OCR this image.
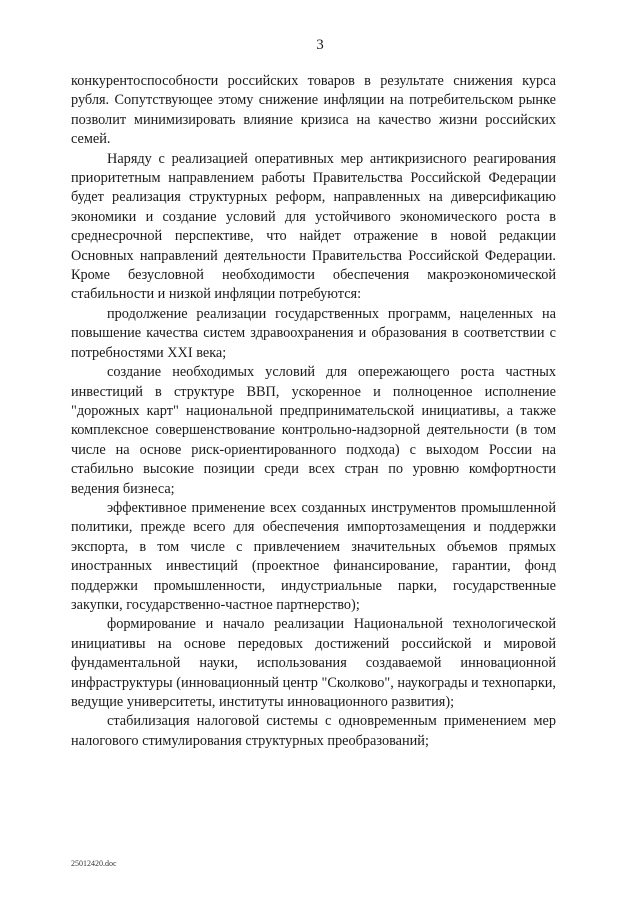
3

конкурентоспособности российских товаров в результате снижения курса рубля. Сопутствующее этому снижение инфляции на потребительском рынке позволит минимизировать влияние кризиса на качество жизни российских семей.

Наряду с реализацией оперативных мер антикризисного реагирования приоритетным направлением работы Правительства Российской Федерации будет реализация структурных реформ, направленных на диверсификацию экономики и создание условий для устойчивого экономического роста в среднесрочной перспективе, что найдет отражение в новой редакции Основных направлений деятельности Правительства Российской Федерации. Кроме безусловной необходимости обеспечения макроэкономической стабильности и низкой инфляции потребуются:

продолжение реализации государственных программ, нацеленных на повышение качества систем здравоохранения и образования в соответствии с потребностями XXI века;

создание необходимых условий для опережающего роста частных инвестиций в структуре ВВП, ускоренное и полноценное исполнение "дорожных карт" национальной предпринимательской инициативы, а также комплексное совершенствование контрольно-надзорной деятельности (в том числе на основе риск-ориентированного подхода) с выходом России на стабильно высокие позиции среди всех стран по уровню комфортности ведения бизнеса;

эффективное применение всех созданных инструментов промышленной политики, прежде всего для обеспечения импортозамещения и поддержки экспорта, в том числе с привлечением значительных объемов прямых иностранных инвестиций (проектное финансирование, гарантии, фонд поддержки промышленности, индустриальные парки, государственные закупки, государственно-частное партнерство);

формирование и начало реализации Национальной технологической инициативы на основе передовых достижений российской и мировой фундаментальной науки, использования создаваемой инновационной инфраструктуры (инновационный центр "Сколково", наукограды и технопарки, ведущие университеты, институты инновационного развития);

стабилизация налоговой системы с одновременным применением мер налогового стимулирования структурных преобразований;

25012420.doc
